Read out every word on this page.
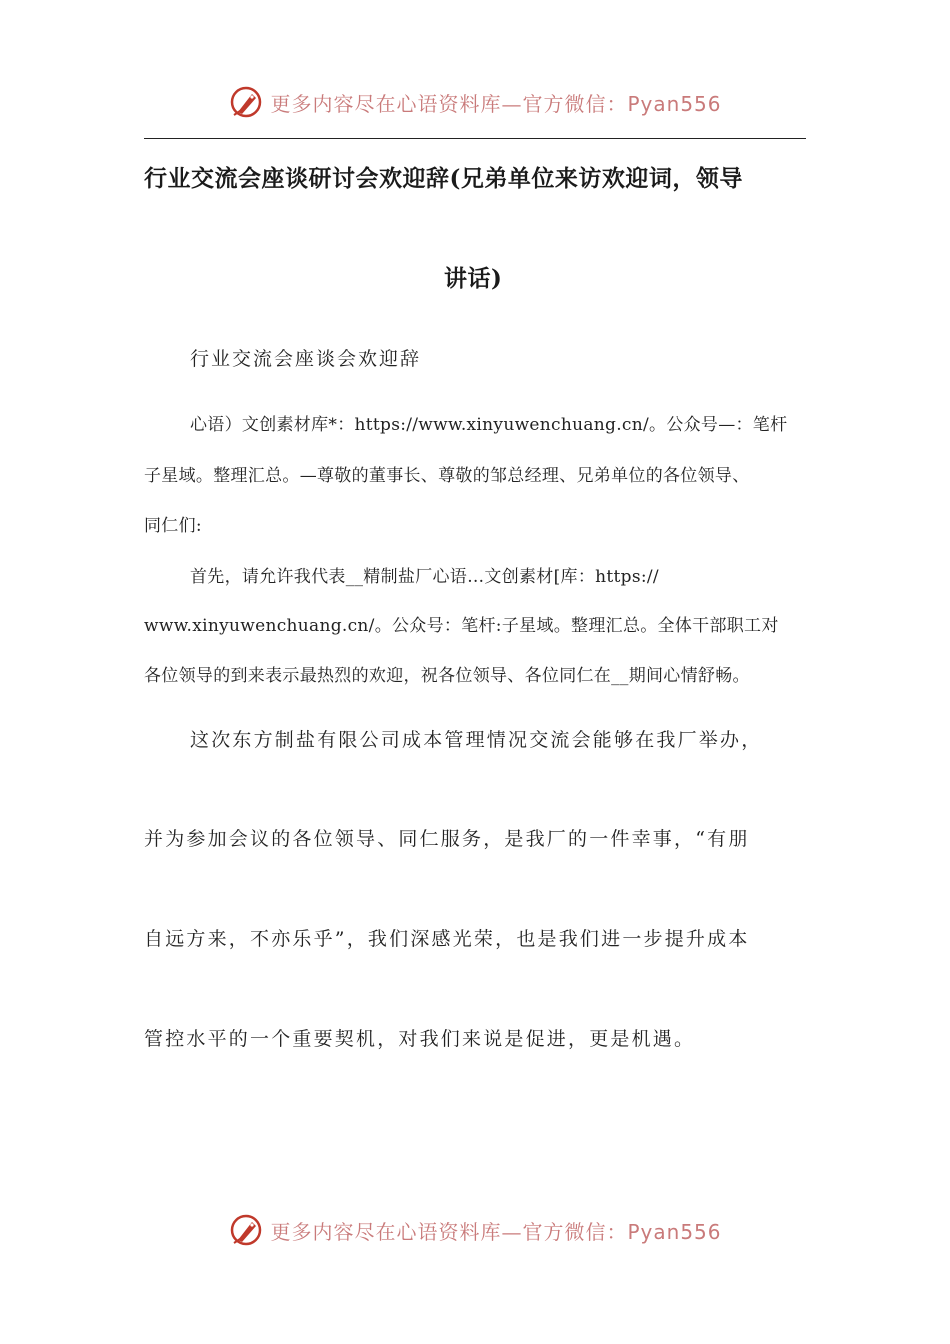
更多内容尽在心语资料库—官方微信：Pyan556
行业交流会座谈研讨会欢迎辞(兄弟单位来访欢迎词，领导
讲话)
行业交流会座谈会欢迎辞
心语）文创素材库*：https://www.xinyuwenchuang.cn/。公众号—：笔杆
子星域。整理汇总。—尊敬的董事长、尊敬的邹总经理、兄弟单位的各位领导、
同仁们:
首先，请允许我代表__精制盐厂心语…文创素材[库：https://
www.xinyuwenchuang.cn/。公众号：笔杆:子星域。整理汇总。全体干部职工对
各位领导的到来表示最热烈的欢迎，祝各位领导、各位同仁在__期间心情舒畅。
这次东方制盐有限公司成本管理情况交流会能够在我厂举办，
并为参加会议的各位领导、同仁服务，是我厂的一件幸事，“有朋
自远方来，不亦乐乎”，我们深感光荣，也是我们进一步提升成本
管控水平的一个重要契机，对我们来说是促进，更是机遇。
更多内容尽在心语资料库—官方微信：Pyan556
